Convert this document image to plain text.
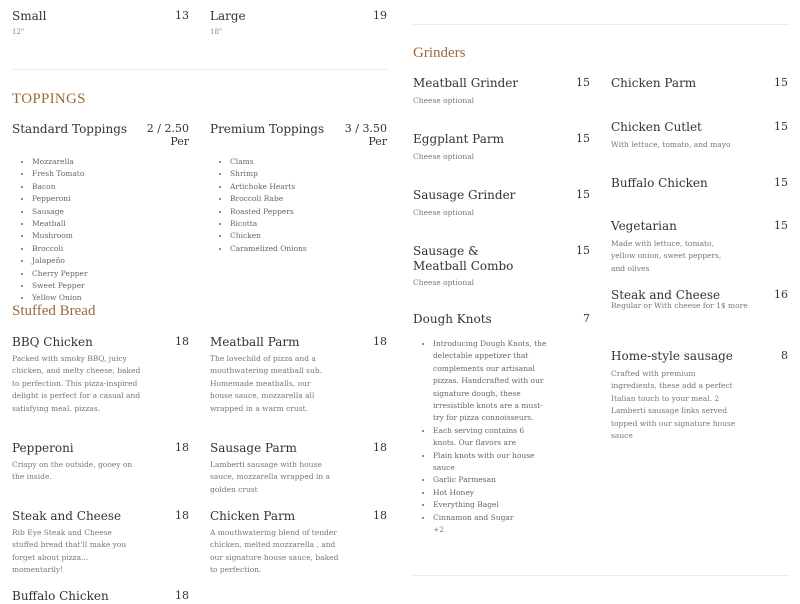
Small	13
12"
Large	19
18"
TOPPINGS
Standard Toppings	2 / 2.50
Per
• Mozzarella
• Fresh Tomato
• Bacon
• Pepperoni
• Sausage
• Meatball
• Mushroom
• Broccoli
• Jalapeño
• Cherry Pepper
• Sweet Pepper
• Yellow Onion
Premium Toppings	3 / 3.50
Per
• Clams
• Shrimp
• Artichoke Hearts
• Broccoli Rabe
• Roasted Peppers
• Ricotta
• Chicken
• Caramelized Onions
Stuffed Bread
BBQ Chicken	18
Packed with smoky BBQ, juicy chicken, and melty cheese, baked to perfection. This pizza-inspired delight is perfect for a casual and satisfying meal. pizzas.
Meatball Parm	18
The lovechild of pizza and a mouthwatering meatball sub. Homemade meatballs, our house sauce, mozzarella all wrapped in a warm crust.
Pepperoni	18
Crispy on the outside, gooey on the inside.
Sausage Parm	18
Lamberti sausage with house sauce, mozzarella wrapped in a golden crust
Steak and Cheese	18
Rib Eye Steak and Cheese stuffed bread that'll make you forget about pizza... momentarily!
Chicken Parm	18
A mouthwatering blend of tender chicken, melted mozzarella , and our signature house sauce, baked to perfection.
Buffalo Chicken	18
Grinders
Meatball Grinder	15
Cheese optional
Eggplant Parm	15
Cheese optional
Sausage Grinder	15
Cheese optional
Sausage & Meatball Combo
15
Cheese optional
Dough Knots	7
• Introducing Dough Knots, the delectable appetizer that complements our artisanal pizzas. Handcrafted with our signature dough, these irresistible knots are a must-try for pizza connoisseurs.
• Each serving contains 6 knots. Our flavors are
• Plain knots with our house sauce
• Garlic Parmesan
• Hot Honey
• Everything Bagel
• Cinnamon and Sugar
+2
Chicken Parm	15
Chicken Cutlet	15
With lettuce, tomato, and mayo
Buffalo Chicken	15
Vegetarian	15
Made with lettuce, tomato, yellow onion, sweet peppers, and olives
Steak and Cheese	16
Regular or With cheese for 1$ more
Home-style sausage	8
Crafted with premium ingredients, these add a perfect Italian touch to your meal. 2 Lamberti sausage links served topped with our signature house sauce
